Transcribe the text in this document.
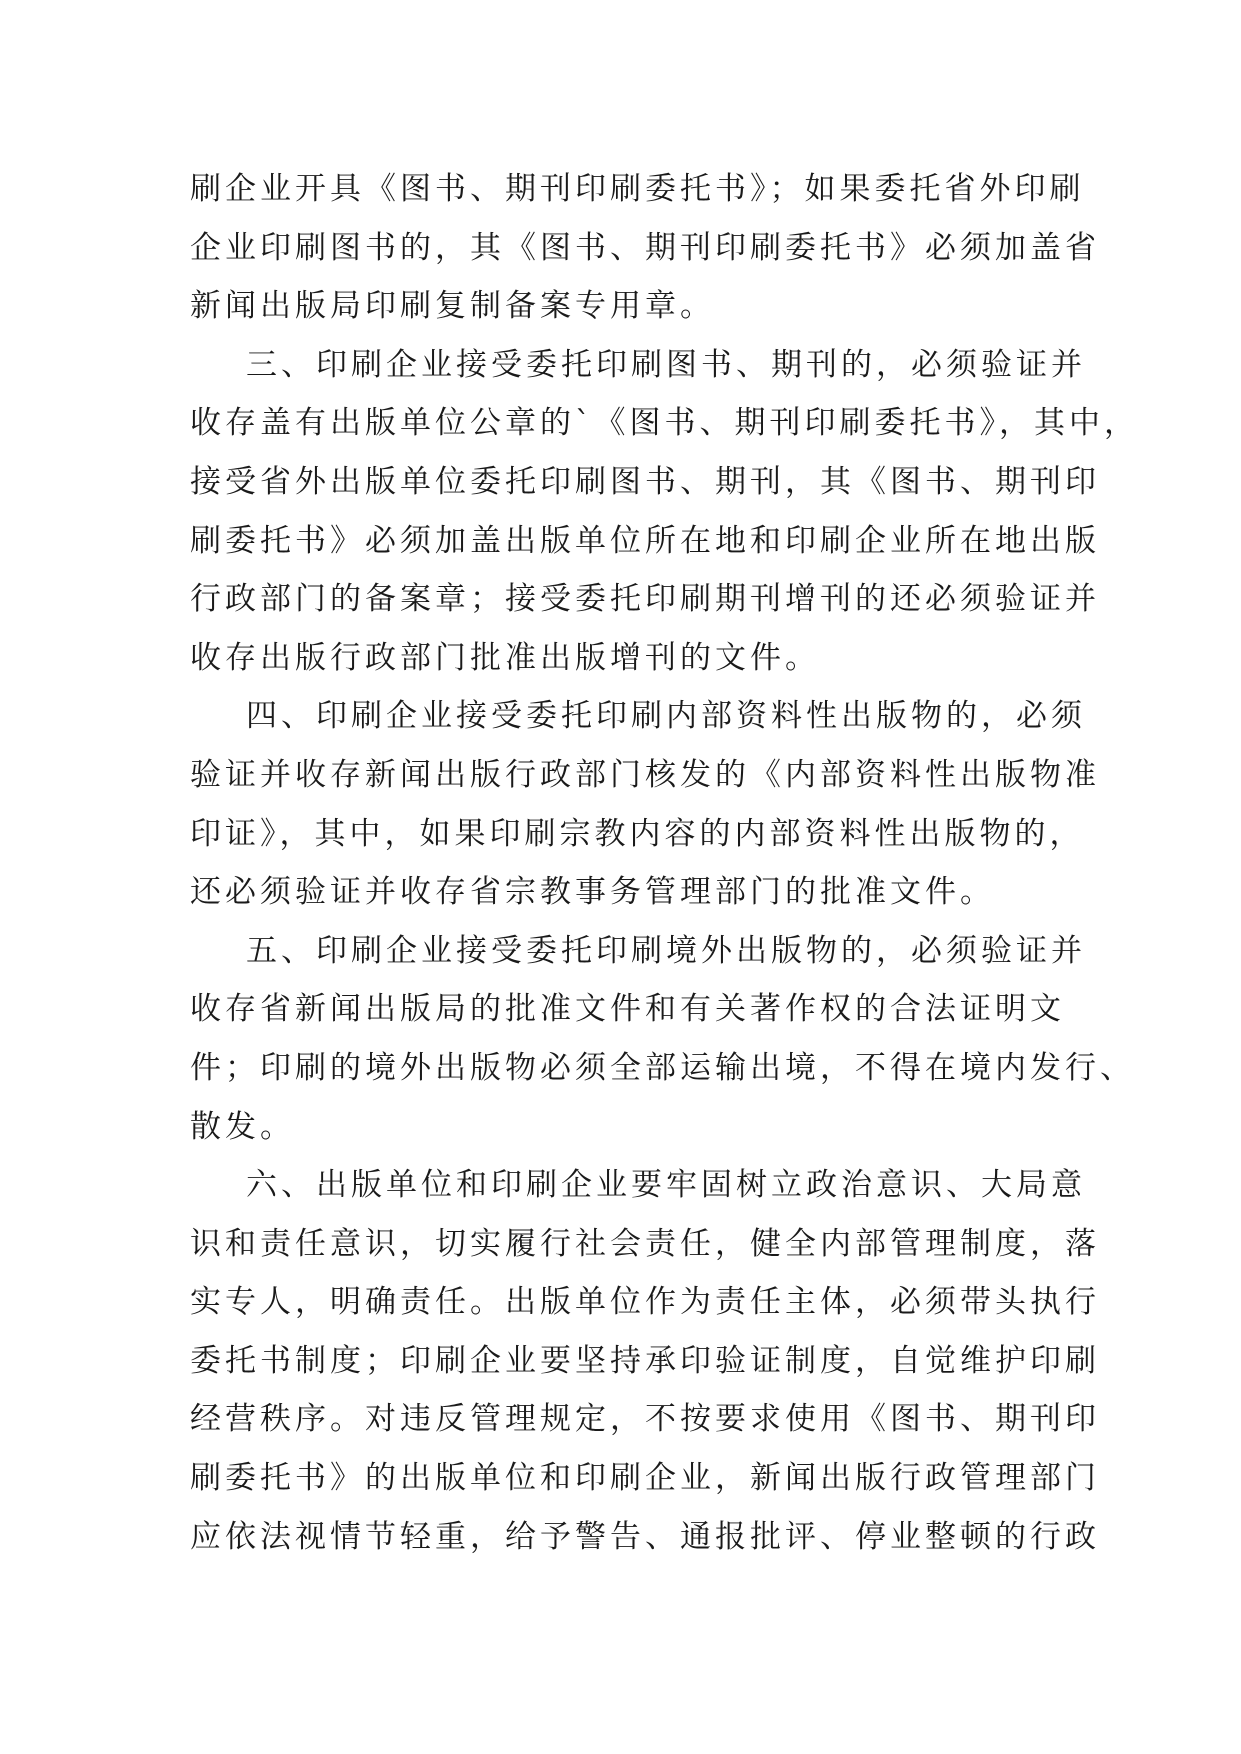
刷企业开具《图书、期刊印刷委托书》；如果委托省外印刷
企业印刷图书的，其《图书、期刊印刷委托书》必须加盖省
新闻出版局印刷复制备案专用章。
三、印刷企业接受委托印刷图书、期刊的，必须验证并
收存盖有出版单位公章的`《图书、期刊印刷委托书》，其中，
接受省外出版单位委托印刷图书、期刊，其《图书、期刊印
刷委托书》必须加盖出版单位所在地和印刷企业所在地出版
行政部门的备案章；接受委托印刷期刊增刊的还必须验证并
收存出版行政部门批准出版增刊的文件。
四、印刷企业接受委托印刷内部资料性出版物的，必须
验证并收存新闻出版行政部门核发的《内部资料性出版物准
印证》，其中，如果印刷宗教内容的内部资料性出版物的，
还必须验证并收存省宗教事务管理部门的批准文件。
五、印刷企业接受委托印刷境外出版物的，必须验证并
收存省新闻出版局的批准文件和有关著作权的合法证明文
件；印刷的境外出版物必须全部运输出境，不得在境内发行、
散发。
六、出版单位和印刷企业要牢固树立政治意识、大局意
识和责任意识，切实履行社会责任，健全内部管理制度，落
实专人，明确责任。出版单位作为责任主体，必须带头执行
委托书制度；印刷企业要坚持承印验证制度，自觉维护印刷
经营秩序。对违反管理规定，不按要求使用《图书、期刊印
刷委托书》的出版单位和印刷企业，新闻出版行政管理部门
应依法视情节轻重，给予警告、通报批评、停业整顿的行政
